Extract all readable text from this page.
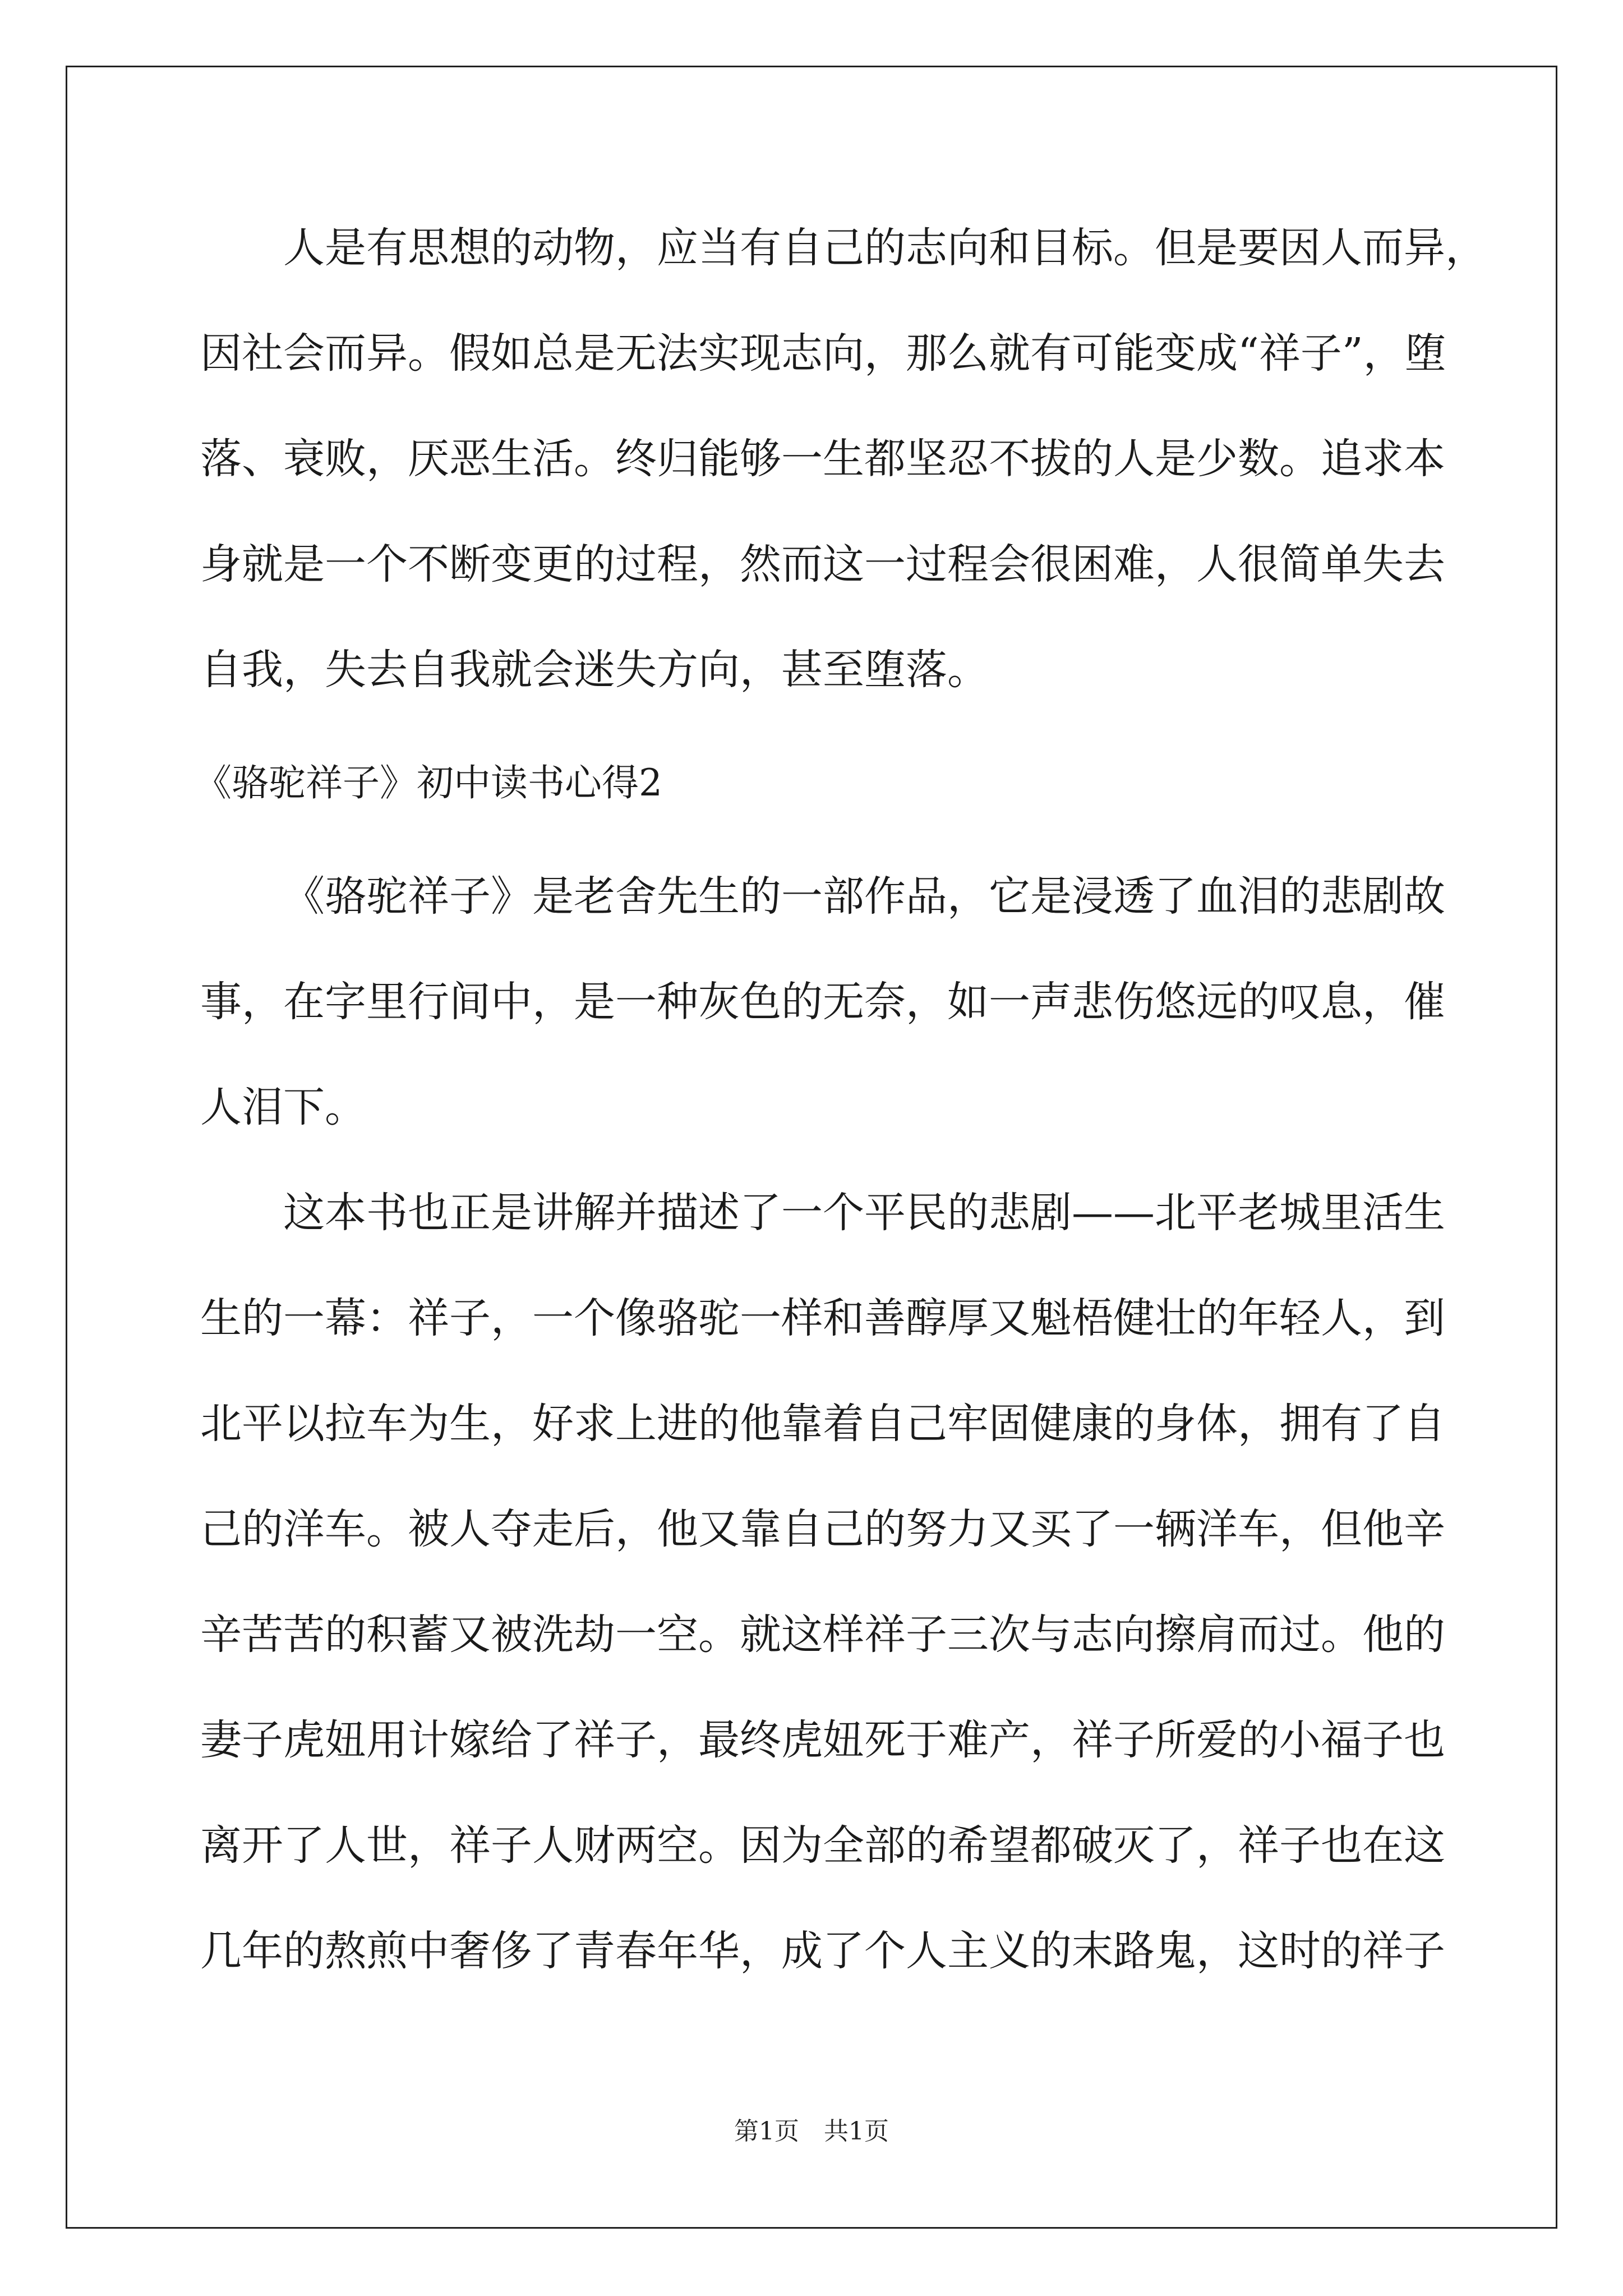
人是有思想的动物，应当有自己的志向和目标。但是要因人而异，
因社会而异。假如总是无法实现志向，那么就有可能变成“祥子”，堕
落、衰败，厌恶生活。终归能够一生都坚忍不拔的人是少数。追求本
身就是一个不断变更的过程，然而这一过程会很困难，人很简单失去
自我，失去自我就会迷失方向，甚至堕落。
《骆驼祥子》初中读书心得2
《骆驼祥子》是老舍先生的一部作品，它是浸透了血泪的悲剧故
事，在字里行间中，是一种灰色的无奈，如一声悲伤悠远的叹息，催
人泪下。
这本书也正是讲解并描述了一个平民的悲剧——北平老城里活生
生的一幕：祥子，一个像骆驼一样和善醇厚又魁梧健壮的年轻人，到
北平以拉车为生，好求上进的他靠着自己牢固健康的身体，拥有了自
己的洋车。被人夺走后，他又靠自己的努力又买了一辆洋车，但他辛
辛苦苦的积蓄又被洗劫一空。就这样祥子三次与志向擦肩而过。他的
妻子虎妞用计嫁给了祥子，最终虎妞死于难产，祥子所爱的小福子也
离开了人世，祥子人财两空。因为全部的希望都破灭了，祥子也在这
几年的熬煎中奢侈了青春年华，成了个人主义的末路鬼，这时的祥子
第1页　共1页
